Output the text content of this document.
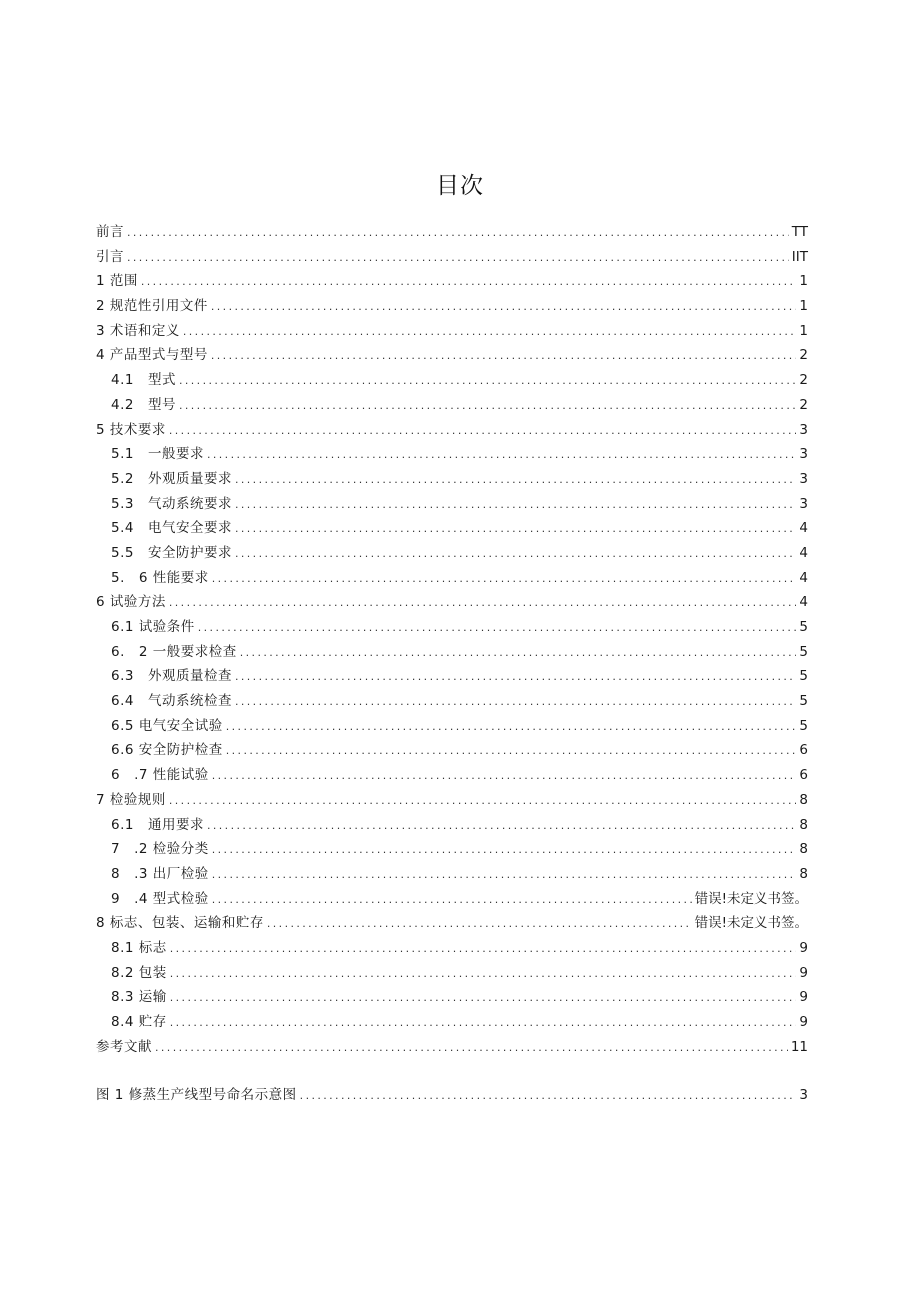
目次
前言 .....	TT
引言 .....	IIT
1 范围 .....	1
2 规范性引用文件 .....	1
3 术语和定义 .....	1
4 产品型式与型号 .....	2
4.1　型式 .....	2
4.2　型号 .....	2
5 技术要求 .....	3
5.1　一般要求 .....	3
5.2　外观质量要求 .....	3
5.3　气动系统要求 .....	3
5.4　电气安全要求 .....	4
5.5　安全防护要求 .....	4
5.　6 性能要求 .....	4
6 试验方法 .....	4
6.1 试验条件 .....	5
6.　2 一般要求检查 .....	5
6.3　外观质量检查 .....	5
6.4　气动系统检查 .....	5
6.5 电气安全试验 .....	5
6.6 安全防护检查 .....	6
6　.7 性能试验 .....	6
7 检验规则 .....	8
6.1　通用要求 .....	8
7　.2 检验分类 .....	8
8　.3 出厂检验 .....	8
9　.4 型式检验 .....	错误!未定义书签。
8 标志、包装、运输和贮存 .....	错误!未定义书签。
8.1 标志 .....	9
8.2 包装 .....	9
8.3 运输 .....	9
8.4 贮存 .....	9
参考文献 .....	11
图 1 修蒸生产线型号命名示意图 .....	3
